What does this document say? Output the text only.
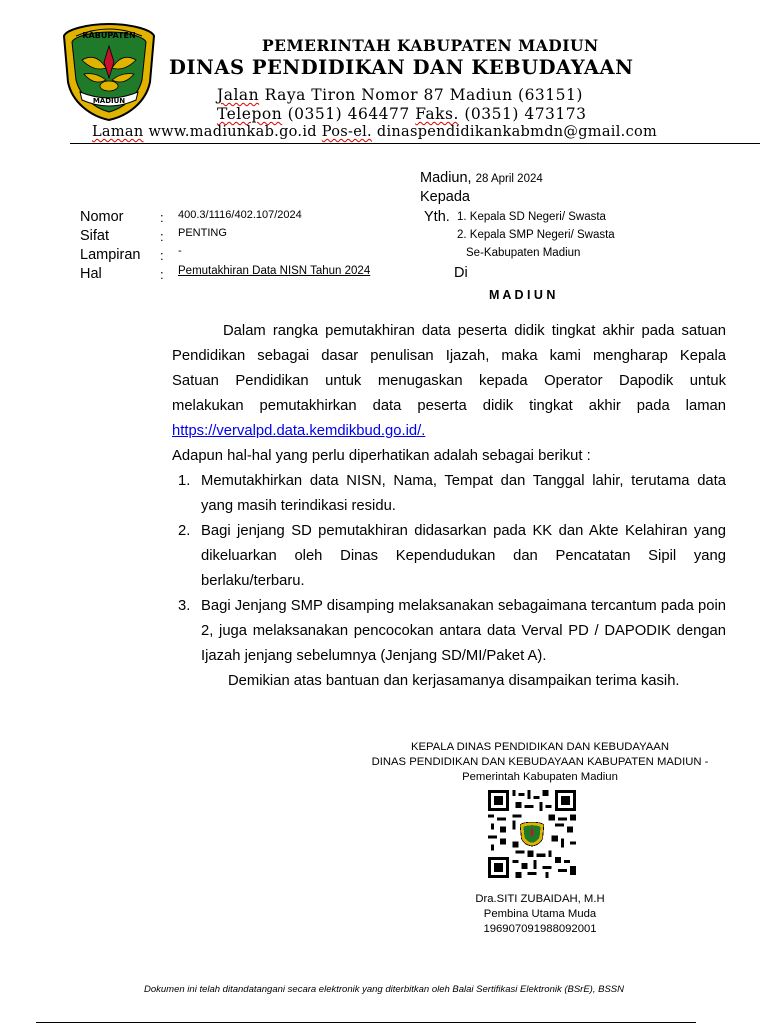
KABUPATEN
MADIUN
PEMERINTAH KABUPATEN MADIUN
DINAS PENDIDIKAN DAN KEBUDAYAAN
Jalan Raya Tiron Nomor 87 Madiun (63151)
Telepon (0351) 464477 Faks. (0351) 473173
Laman www.madiunkab.go.id Pos-el. dinaspendidikankabmdn@gmail.com
Madiun, 28 April 2024
Kepada
Yth. 1. Kepala SD Negeri/ Swasta
2. Kepala SMP Negeri/ Swasta
Se-Kabupaten Madiun
Di
M A D I U N
Nomor	: 400.3/1116/402.107/2024
Sifat	: PENTING
Lampiran : -
Hal	: Pemutakhiran Data NISN Tahun 2024
Dalam rangka pemutakhiran data peserta didik tingkat akhir pada satuan
Pendidikan sebagai dasar penulisan Ijazah, maka kami mengharap Kepala
Satuan Pendidikan untuk menugaskan kepada Operator Dapodik untuk
melakukan pemutakhirkan data peserta didik tingkat akhir pada laman
https://vervalpd.data.kemdikbud.go.id/.
Adapun hal-hal yang perlu diperhatikan adalah sebagai berikut :
1. Memutakhirkan data NISN, Nama, Tempat dan Tanggal lahir, terutama data yang masih terindikasi residu.
2. Bagi jenjang SD pemutakhiran didasarkan pada KK dan Akte Kelahiran yang dikeluarkan oleh Dinas Kependudukan dan Pencatatan Sipil yang berlaku/terbaru.
3. Bagi Jenjang SMP disamping melaksanakan sebagaimana tercantum pada poin 2, juga melaksanakan pencocokan antara data Verval PD / DAPODIK dengan Ijazah jenjang sebelumnya (Jenjang SD/MI/Paket A).
Demikian atas bantuan dan kerjasamanya disampaikan terima kasih.
KEPALA DINAS PENDIDIKAN DAN KEBUDAYAAN
DINAS PENDIDIKAN DAN KEBUDAYAAN KABUPATEN MADIUN -
Pemerintah Kabupaten Madiun
Dra.SITI ZUBAIDAH, M.H
Pembina Utama Muda
196907091988092001
Dokumen ini telah ditandatangani secara elektronik yang diterbitkan oleh Balai Sertifikasi Elektronik (BSrE), BSSN
